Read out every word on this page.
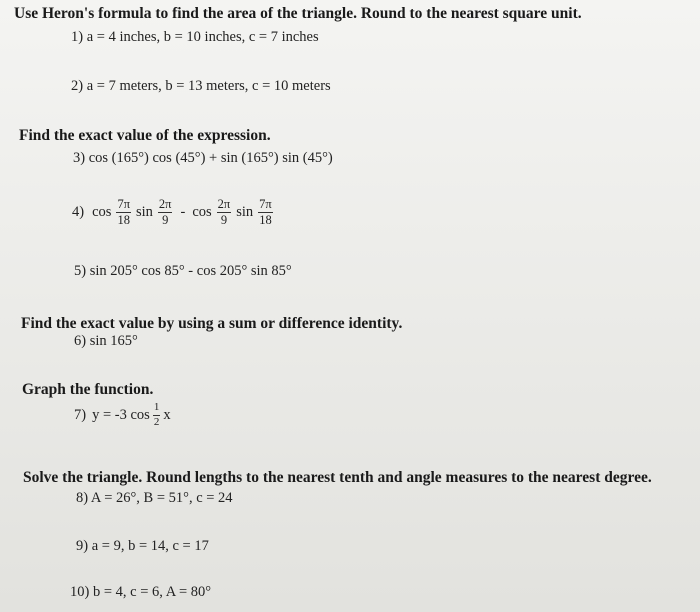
Use Heron's formula to find the area of the triangle. Round to the nearest square unit.
1) a = 4 inches, b = 10 inches, c = 7 inches
2) a = 7 meters, b = 13 meters, c = 10 meters
Find the exact value of the expression.
3) cos (165°) cos (45°) + sin (165°) sin (45°)
4) $\cos \frac{7\pi}{18}$ $\sin \frac{2\pi}{9}$ - $\cos \frac{2\pi}{9}$ $\sin \frac{7\pi}{18}$
5) sin 205° cos 85° - cos 205° sin 85°
Find the exact value by using a sum or difference identity.
6) sin 165°
Graph the function.
7) y = -3 $\cos \frac{1}{2}$ x
Solve the triangle. Round lengths to the nearest tenth and angle measures to the nearest degree.
8) A = 26°, B = 51°, c = 24
9) a = 9, b = 14, c = 17
10) b = 4, c = 6, A = 80°
